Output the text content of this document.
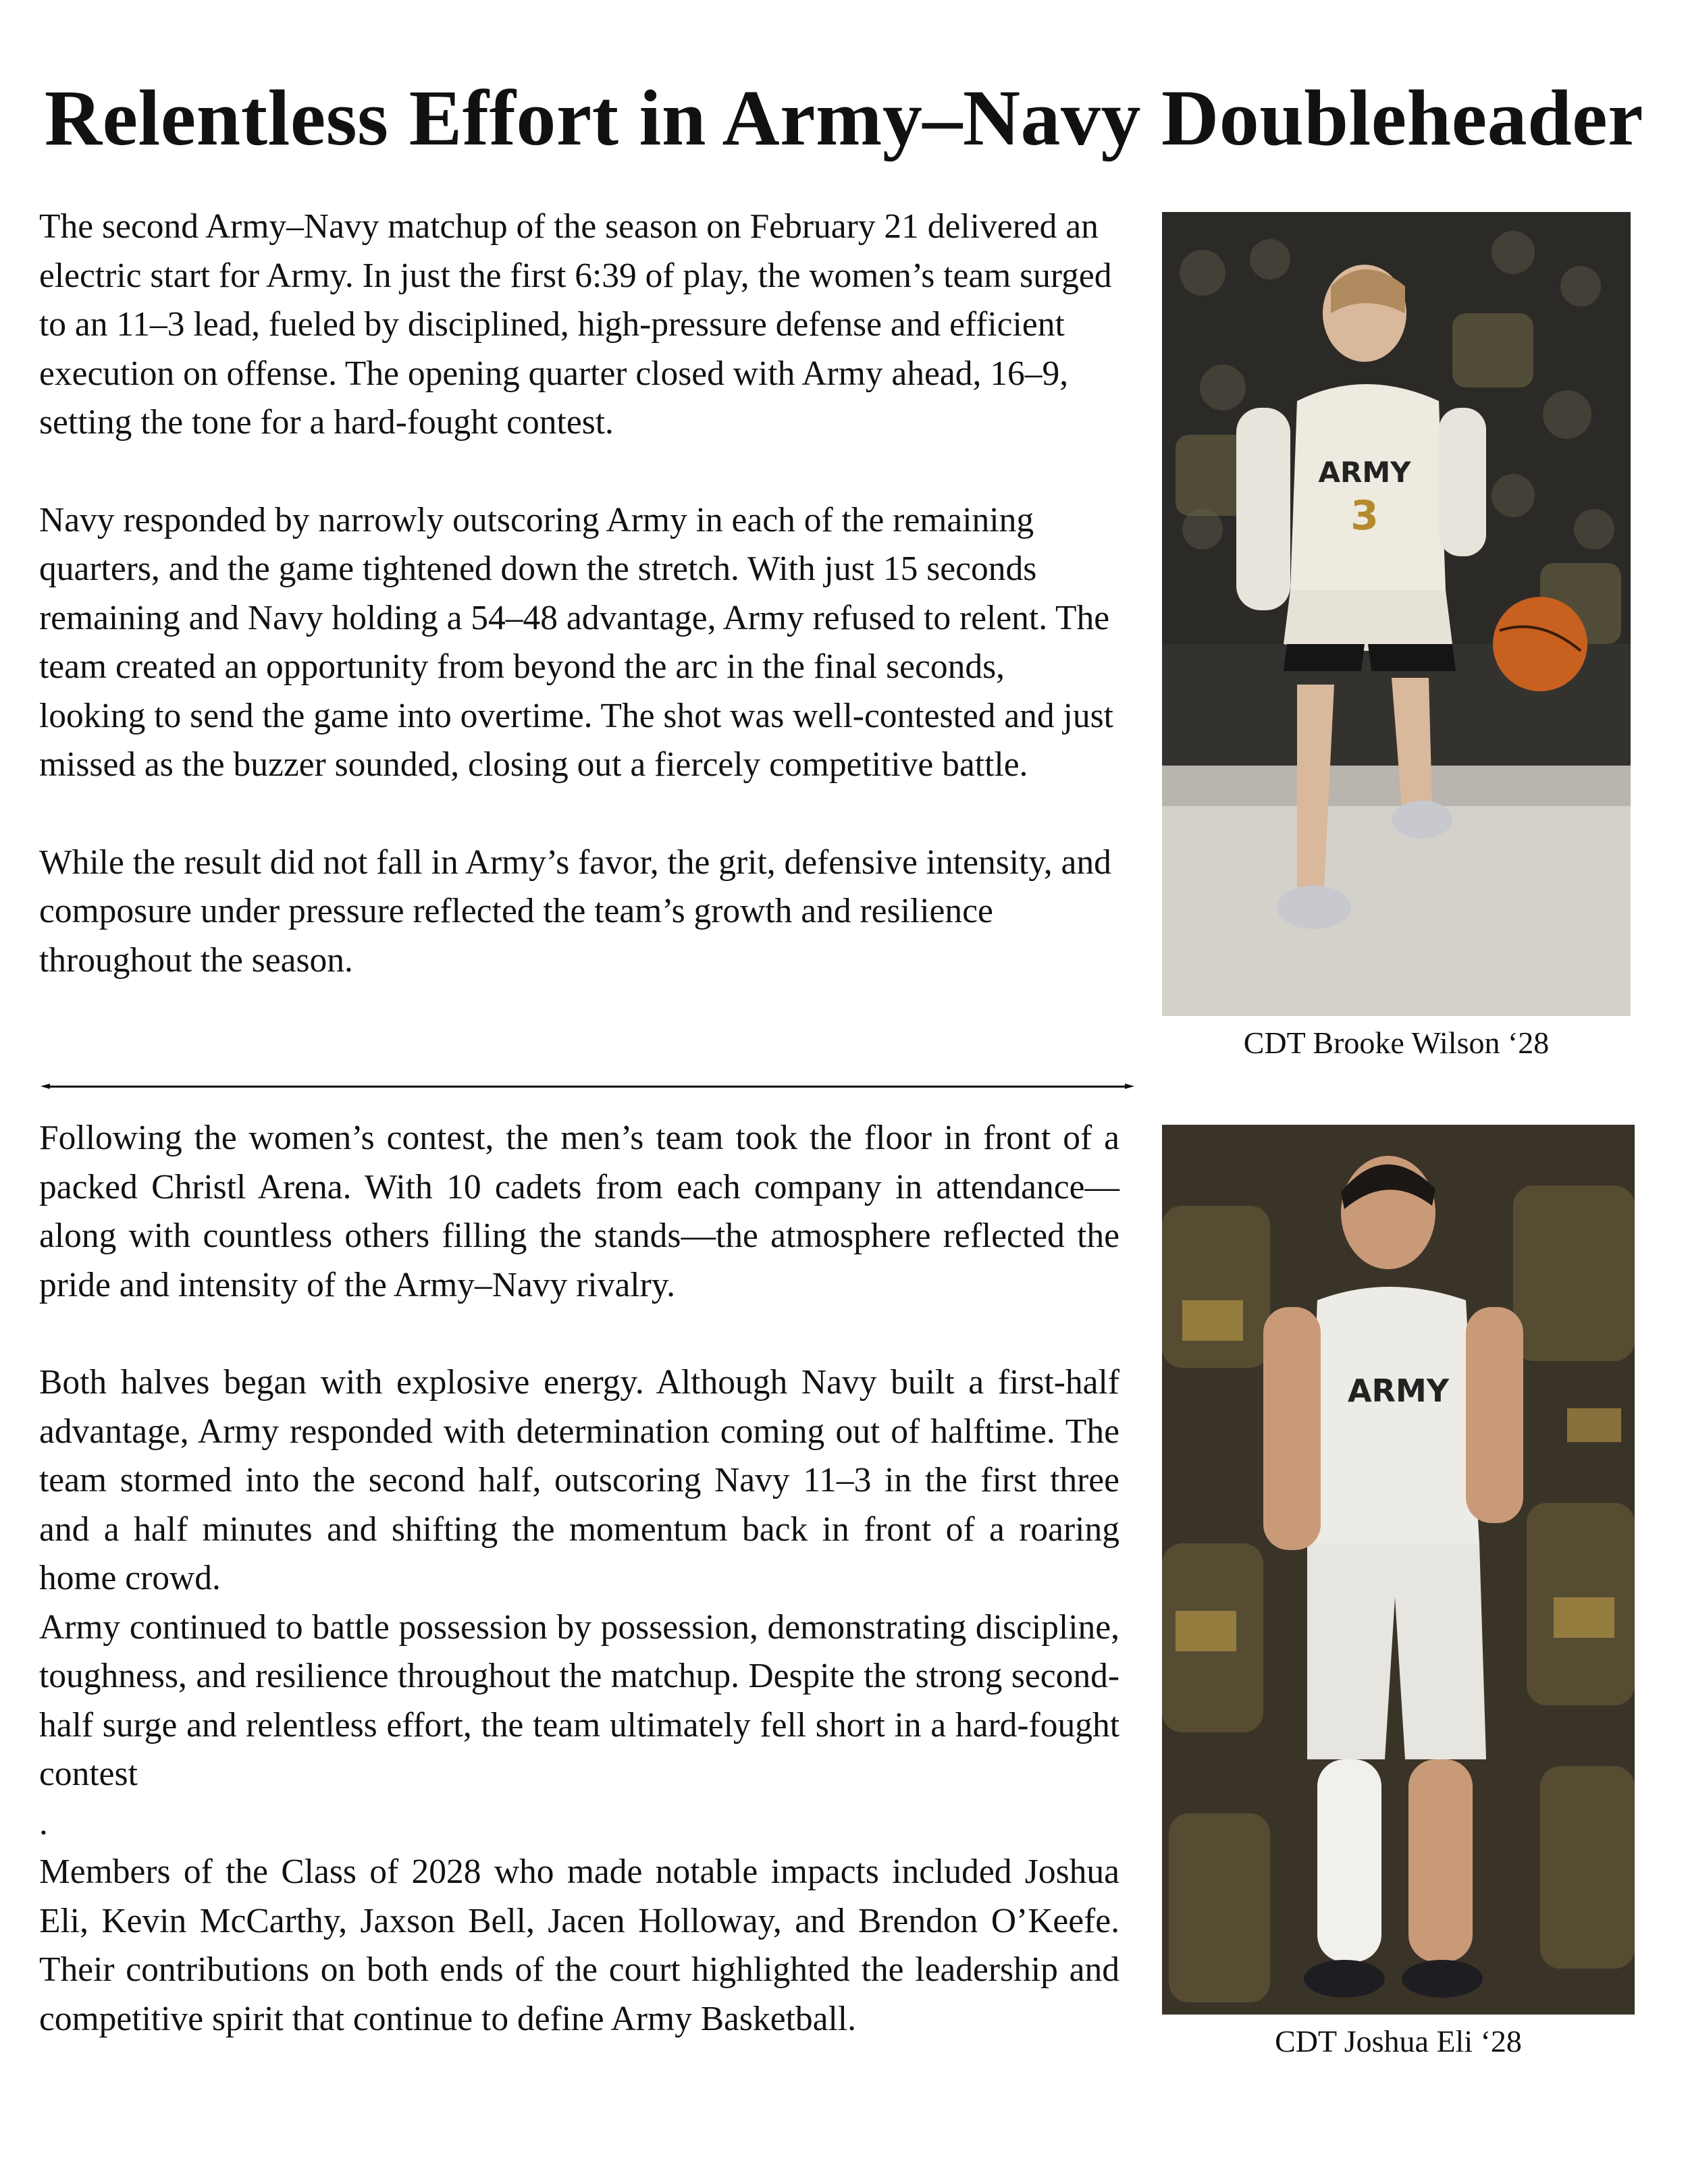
Relentless Effort in Army–Navy Doubleheader

The second Army–Navy matchup of the season on February 21 delivered an electric start for Army. In just the first 6:39 of play, the women’s team surged to an 11–3 lead, fueled by disciplined, high-pressure defense and efficient execution on offense. The opening quarter closed with Army ahead, 16–9, setting the tone for a hard-fought contest.

Navy responded by narrowly outscoring Army in each of the remaining quarters, and the game tightened down the stretch. With just 15 seconds remaining and Navy holding a 54–48 advantage, Army refused to relent. The team created an opportunity from beyond the arc in the final seconds, looking to send the game into overtime. The shot was well-contested and just missed as the buzzer sounded, closing out a fiercely competitive battle.

While the result did not fall in Army’s favor, the grit, defensive intensity, and composure under pressure reflected the team’s growth and resilience throughout the season.

Following the women’s contest, the men’s team took the floor in front of a packed Christl Arena. With 10 cadets from each company in attendance—along with countless others filling the stands—the atmosphere reflected the pride and intensity of the Army–Navy rivalry.

Both halves began with explosive energy. Although Navy built a first-half advantage, Army responded with determination coming out of halftime. The team stormed into the second half, outscoring Navy 11–3 in the first three and a half minutes and shifting the momentum back in front of a roaring home crowd.

Army continued to battle possession by possession, demonstrating discipline, toughness, and resilience throughout the matchup. Despite the strong second-half surge and relentless effort, the team ultimately fell short in a hard-fought contest

.

Members of the Class of 2028 who made notable impacts included Joshua Eli, Kevin McCarthy, Jaxson Bell, Jacen Holloway, and Brendon O’Keefe. Their contributions on both ends of the court highlighted the leadership and competitive spirit that continue to define Army Basketball.

ARMY
3
CDT Brooke Wilson ‘28
ARMY
CDT Joshua Eli ‘28
